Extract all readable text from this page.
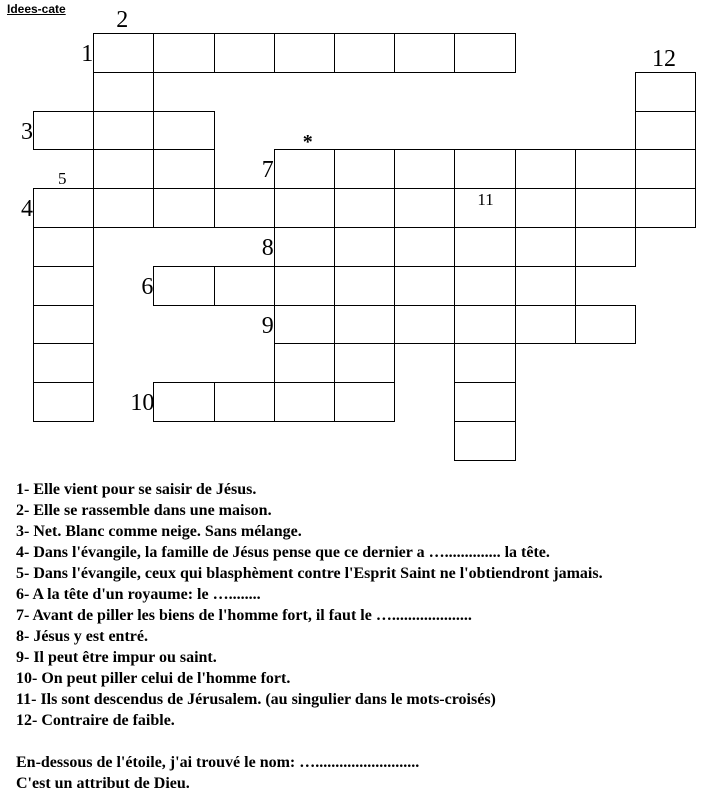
Idees-cate 2
1	12
3
7
5
4	11
8
6
9
10
*
1- Elle vient pour se saisir de Jésus.
2- Elle se rassemble dans une maison.
3- Net. Blanc comme neige. Sans mélange.
4- Dans l'évangile, la famille de Jésus pense que ce dernier a ….............. la tête.
5- Dans l'évangile, ceux qui blasphèment contre l'Esprit Saint ne l'obtiendront jamais.
6- A la tête d'un royaume: le …........
7- Avant de piller les biens de l'homme fort, il faut le …....................
8- Jésus y est entré.
9- Il peut être impur ou saint.
10- On peut piller celui de l'homme fort.
11- Ils sont descendus de Jérusalem. (au singulier dans le mots-croisés)
12- Contraire de faible.
En-dessous de l'étoile, j'ai trouvé le nom: …..........................
C'est un attribut de Dieu.
